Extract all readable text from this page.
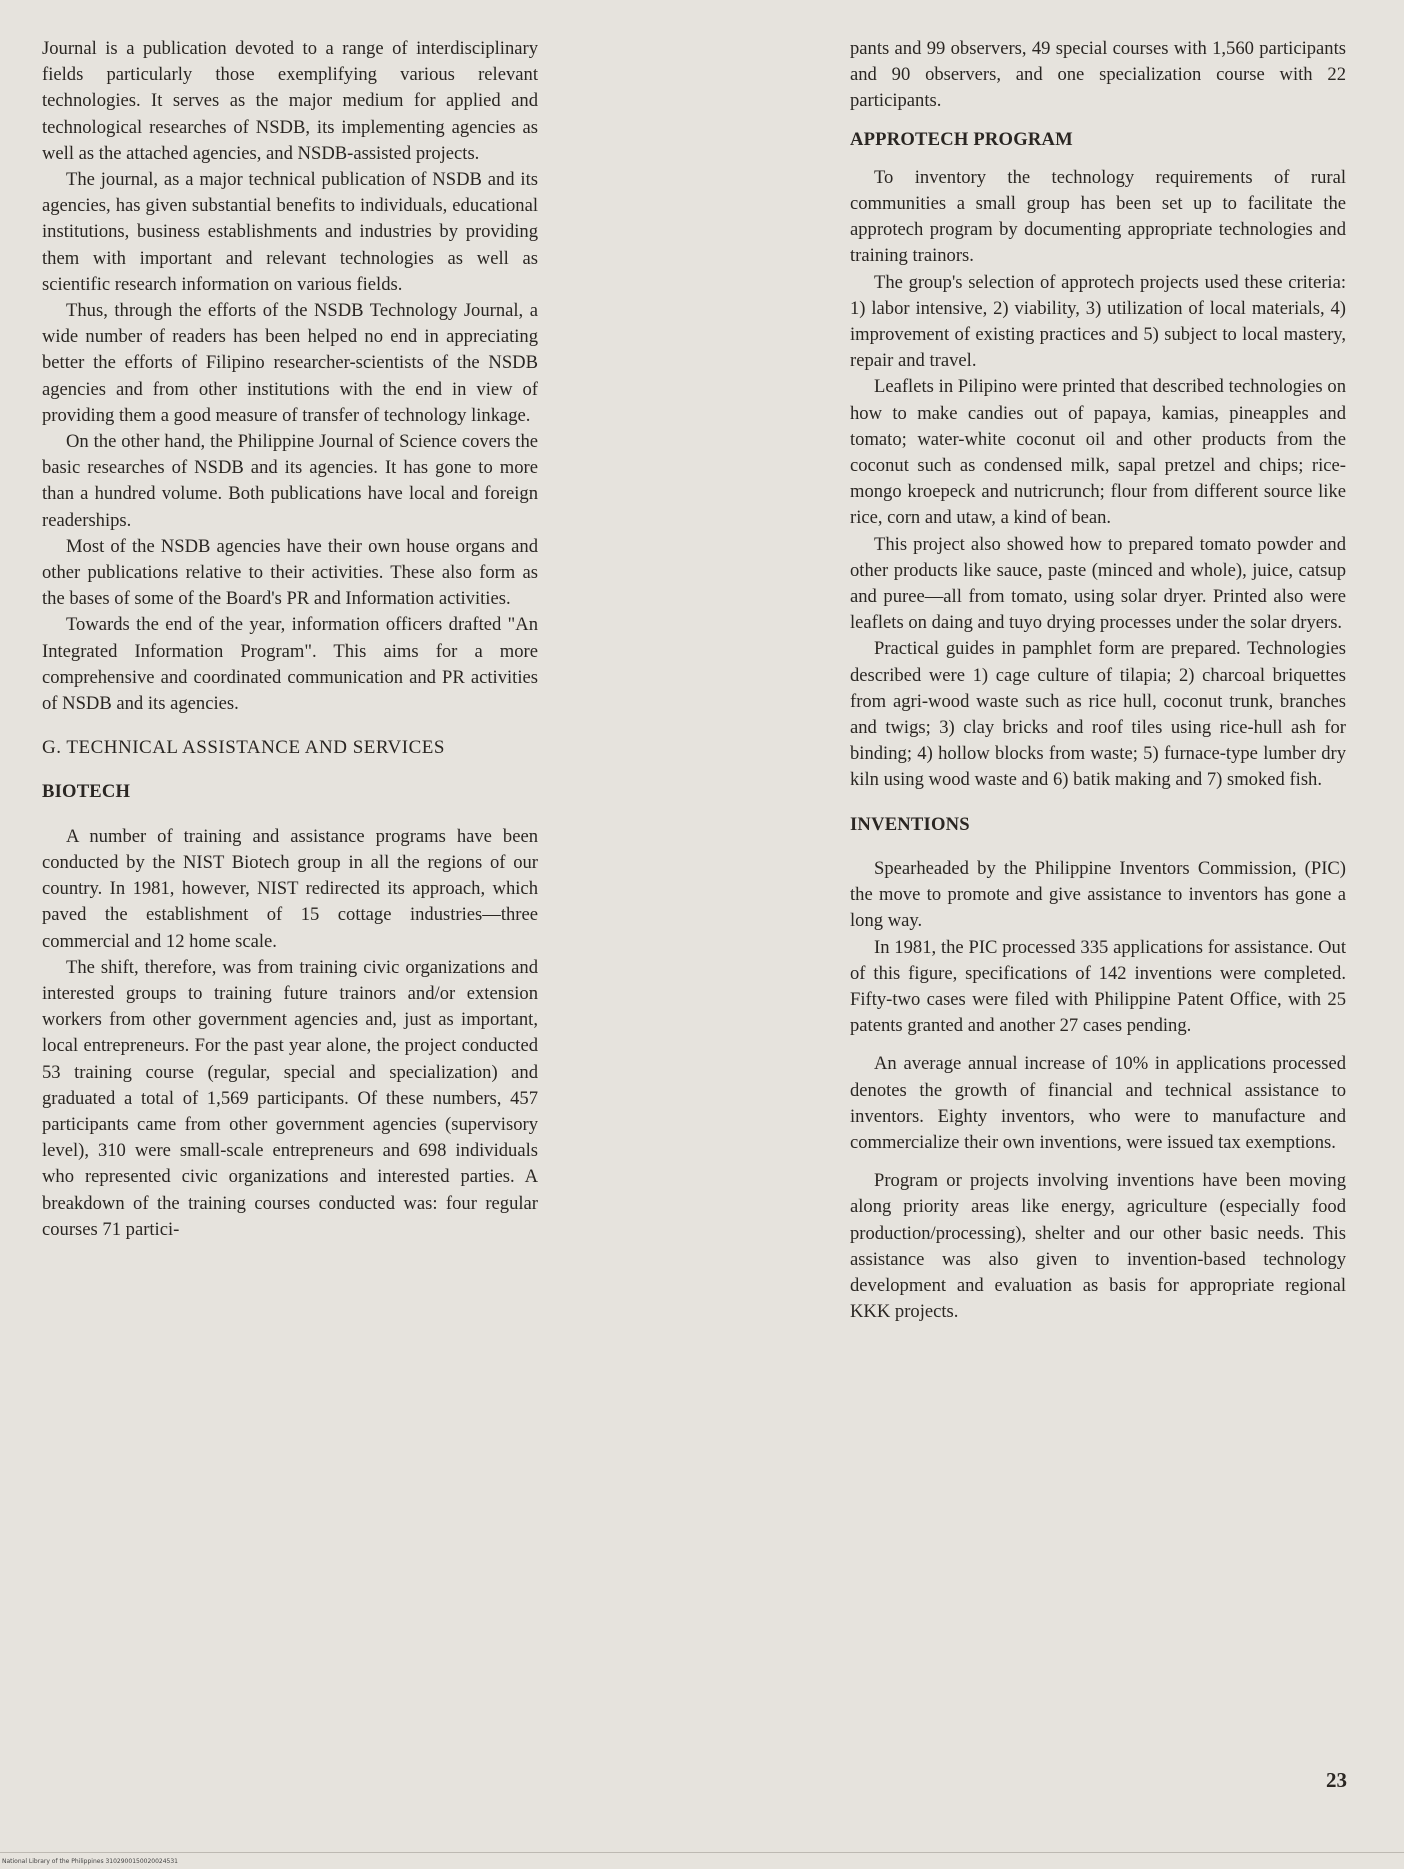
Journal is a publication devoted to a range of interdisciplinary fields particularly those exemplifying various relevant technologies. It serves as the major medium for applied and technological researches of NSDB, its implementing agencies as well as the attached agencies, and NSDB-assisted projects.

The journal, as a major technical publication of NSDB and its agencies, has given substantial benefits to individuals, educational institutions, business establishments and industries by providing them with important and relevant technologies as well as scientific research information on various fields.

Thus, through the efforts of the NSDB Technology Journal, a wide number of readers has been helped no end in appreciating better the efforts of Filipino researcher-scientists of the NSDB agencies and from other institutions with the end in view of providing them a good measure of transfer of technology linkage.

On the other hand, the Philippine Journal of Science covers the basic researches of NSDB and its agencies. It has gone to more than a hundred volume. Both publications have local and foreign readerships.

Most of the NSDB agencies have their own house organs and other publications relative to their activities. These also form as the bases of some of the Board's PR and Information activities.

Towards the end of the year, information officers drafted "An Integrated Information Program". This aims for a more comprehensive and coordinated communication and PR activities of NSDB and its agencies.

G. TECHNICAL ASSISTANCE AND SERVICES
BIOTECH

A number of training and assistance programs have been conducted by the NIST Biotech group in all the regions of our country. In 1981, however, NIST redirected its approach, which paved the establishment of 15 cottage industries—three commercial and 12 home scale.

The shift, therefore, was from training civic organizations and interested groups to training future trainors and/or extension workers from other government agencies and, just as important, local entrepreneurs. For the past year alone, the project conducted 53 training course (regular, special and specialization) and graduated a total of 1,569 participants. Of these numbers, 457 participants came from other government agencies (supervisory level), 310 were small-scale entrepreneurs and 698 individuals who represented civic organizations and interested parties. A breakdown of the training courses conducted was: four regular courses 71 partici-

pants and 99 observers, 49 special courses with 1,560 participants and 90 observers, and one specialization course with 22 participants.

APPROTECH PROGRAM

To inventory the technology requirements of rural communities a small group has been set up to facilitate the approtech program by documenting appropriate technologies and training trainors.

The group's selection of approtech projects used these criteria: 1) labor intensive, 2) viability, 3) utilization of local materials, 4) improvement of existing practices and 5) subject to local mastery, repair and travel.

Leaflets in Pilipino were printed that described technologies on how to make candies out of papaya, kamias, pineapples and tomato; water-white coconut oil and other products from the coconut such as condensed milk, sapal pretzel and chips; rice-mongo kroepeck and nutricrunch; flour from different source like rice, corn and utaw, a kind of bean.

This project also showed how to prepared tomato powder and other products like sauce, paste (minced and whole), juice, catsup and puree—all from tomato, using solar dryer. Printed also were leaflets on daing and tuyo drying processes under the solar dryers.

Practical guides in pamphlet form are prepared. Technologies described were 1) cage culture of tilapia; 2) charcoal briquettes from agri-wood waste such as rice hull, coconut trunk, branches and twigs; 3) clay bricks and roof tiles using rice-hull ash for binding; 4) hollow blocks from waste; 5) furnace-type lumber dry kiln using wood waste and 6) batik making and 7) smoked fish.

INVENTIONS

Spearheaded by the Philippine Inventors Commission, (PIC) the move to promote and give assistance to inventors has gone a long way.

In 1981, the PIC processed 335 applications for assistance. Out of this figure, specifications of 142 inventions were completed. Fifty-two cases were filed with Philippine Patent Office, with 25 patents granted and another 27 cases pending.

An average annual increase of 10% in applications processed denotes the growth of financial and technical assistance to inventors. Eighty inventors, who were to manufacture and commercialize their own inventions, were issued tax exemptions.

Program or projects involving inventions have been moving along priority areas like energy, agriculture (especially food production/processing), shelter and our other basic needs. This assistance was also given to invention-based technology development and evaluation as basis for appropriate regional KKK projects.

23
National Library of the Philippines 3102900150020024531
